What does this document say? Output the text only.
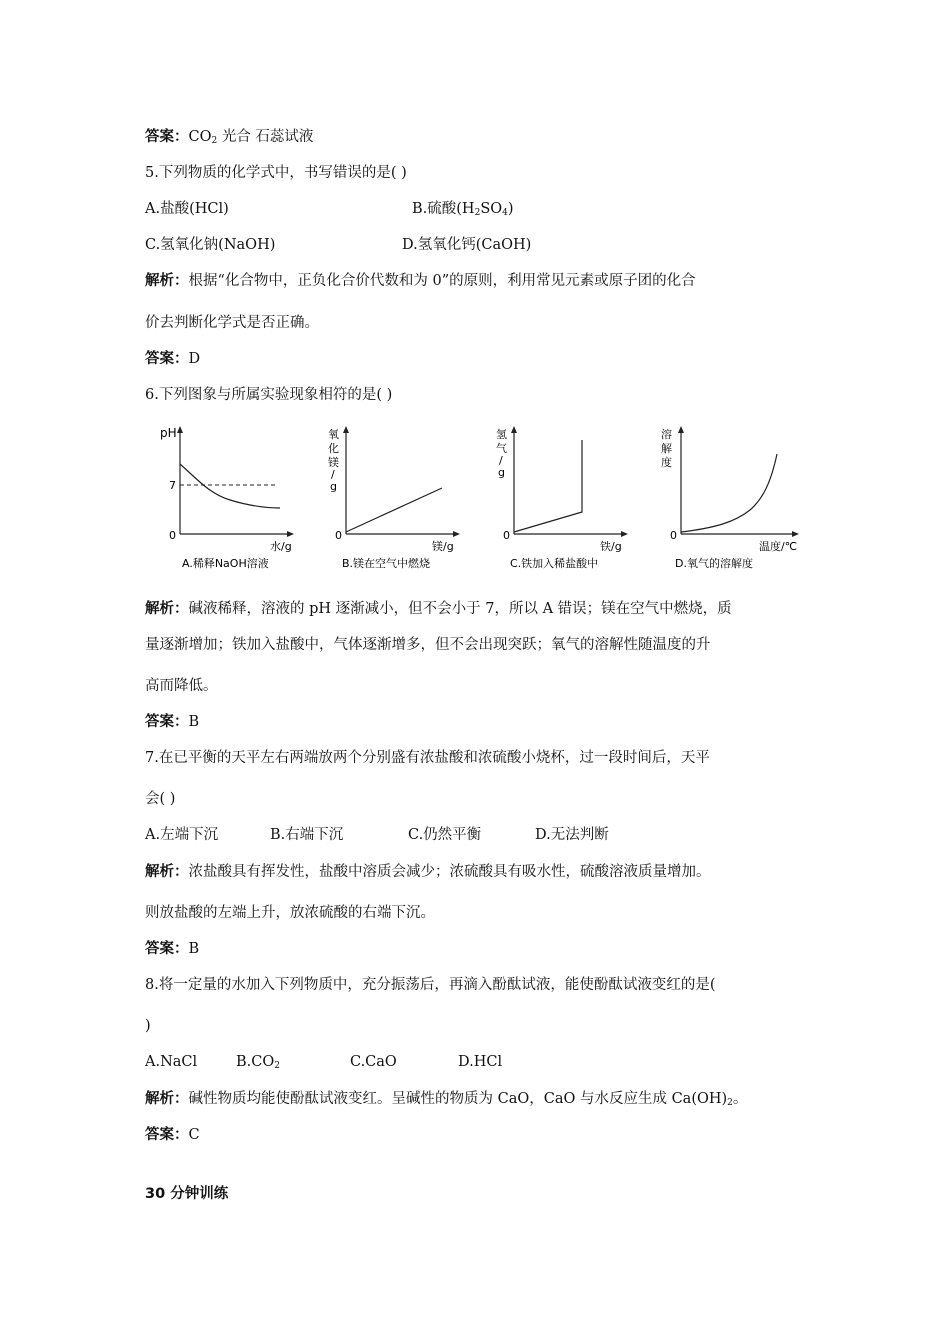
答案：$CO_2$ 光合 石蕊试液
5.下列物质的化学式中，书写错误的是( )
A.盐酸(HCl)	B.硫酸$(H_2SO_4)$
C.氢氧化钠(NaOH)	D.氢氧化钙(CaOH)
解析：根据“化合物中，正负化合价代数和为 0”的原则，利用常见元素或原子团的化合
价去判断化学式是否正确。
答案：D
6.下列图象与所属实验现象相符的是( )
pH
7
0
水/g
A.稀释NaOH溶液
氧
化
镁
/
g
0
镁/g
B.镁在空气中燃烧
氢
气
/
g
0
铁/g
C.铁加入稀盐酸中
溶
解
度
0
温度/℃
D.氧气的溶解度
解析：碱液稀释，溶液的 pH 逐渐减小，但不会小于 7，所以 A 错误；镁在空气中燃烧，质
量逐渐增加；铁加入盐酸中，气体逐渐增多，但不会出现突跃；氧气的溶解性随温度的升
高而降低。
答案：B
7.在已平衡的天平左右两端放两个分别盛有浓盐酸和浓硫酸小烧杯，过一段时间后，天平
会( )
A.左端下沉	B.右端下沉	C.仍然平衡	D.无法判断
解析：浓盐酸具有挥发性，盐酸中溶质会减少；浓硫酸具有吸水性，硫酸溶液质量增加。
则放盐酸的左端上升，放浓硫酸的右端下沉。
答案：B
8.将一定量的水加入下列物质中，充分振荡后，再滴入酚酞试液，能使酚酞试液变红的是(
)
A.NaCl	$B.CO_2$	C.CaO	D.HCl
解析：碱性物质均能使酚酞试液变红。呈碱性的物质为 CaO，CaO 与水反应生成 $Ca(OH)_2$。
答案：C
30 分钟训练
